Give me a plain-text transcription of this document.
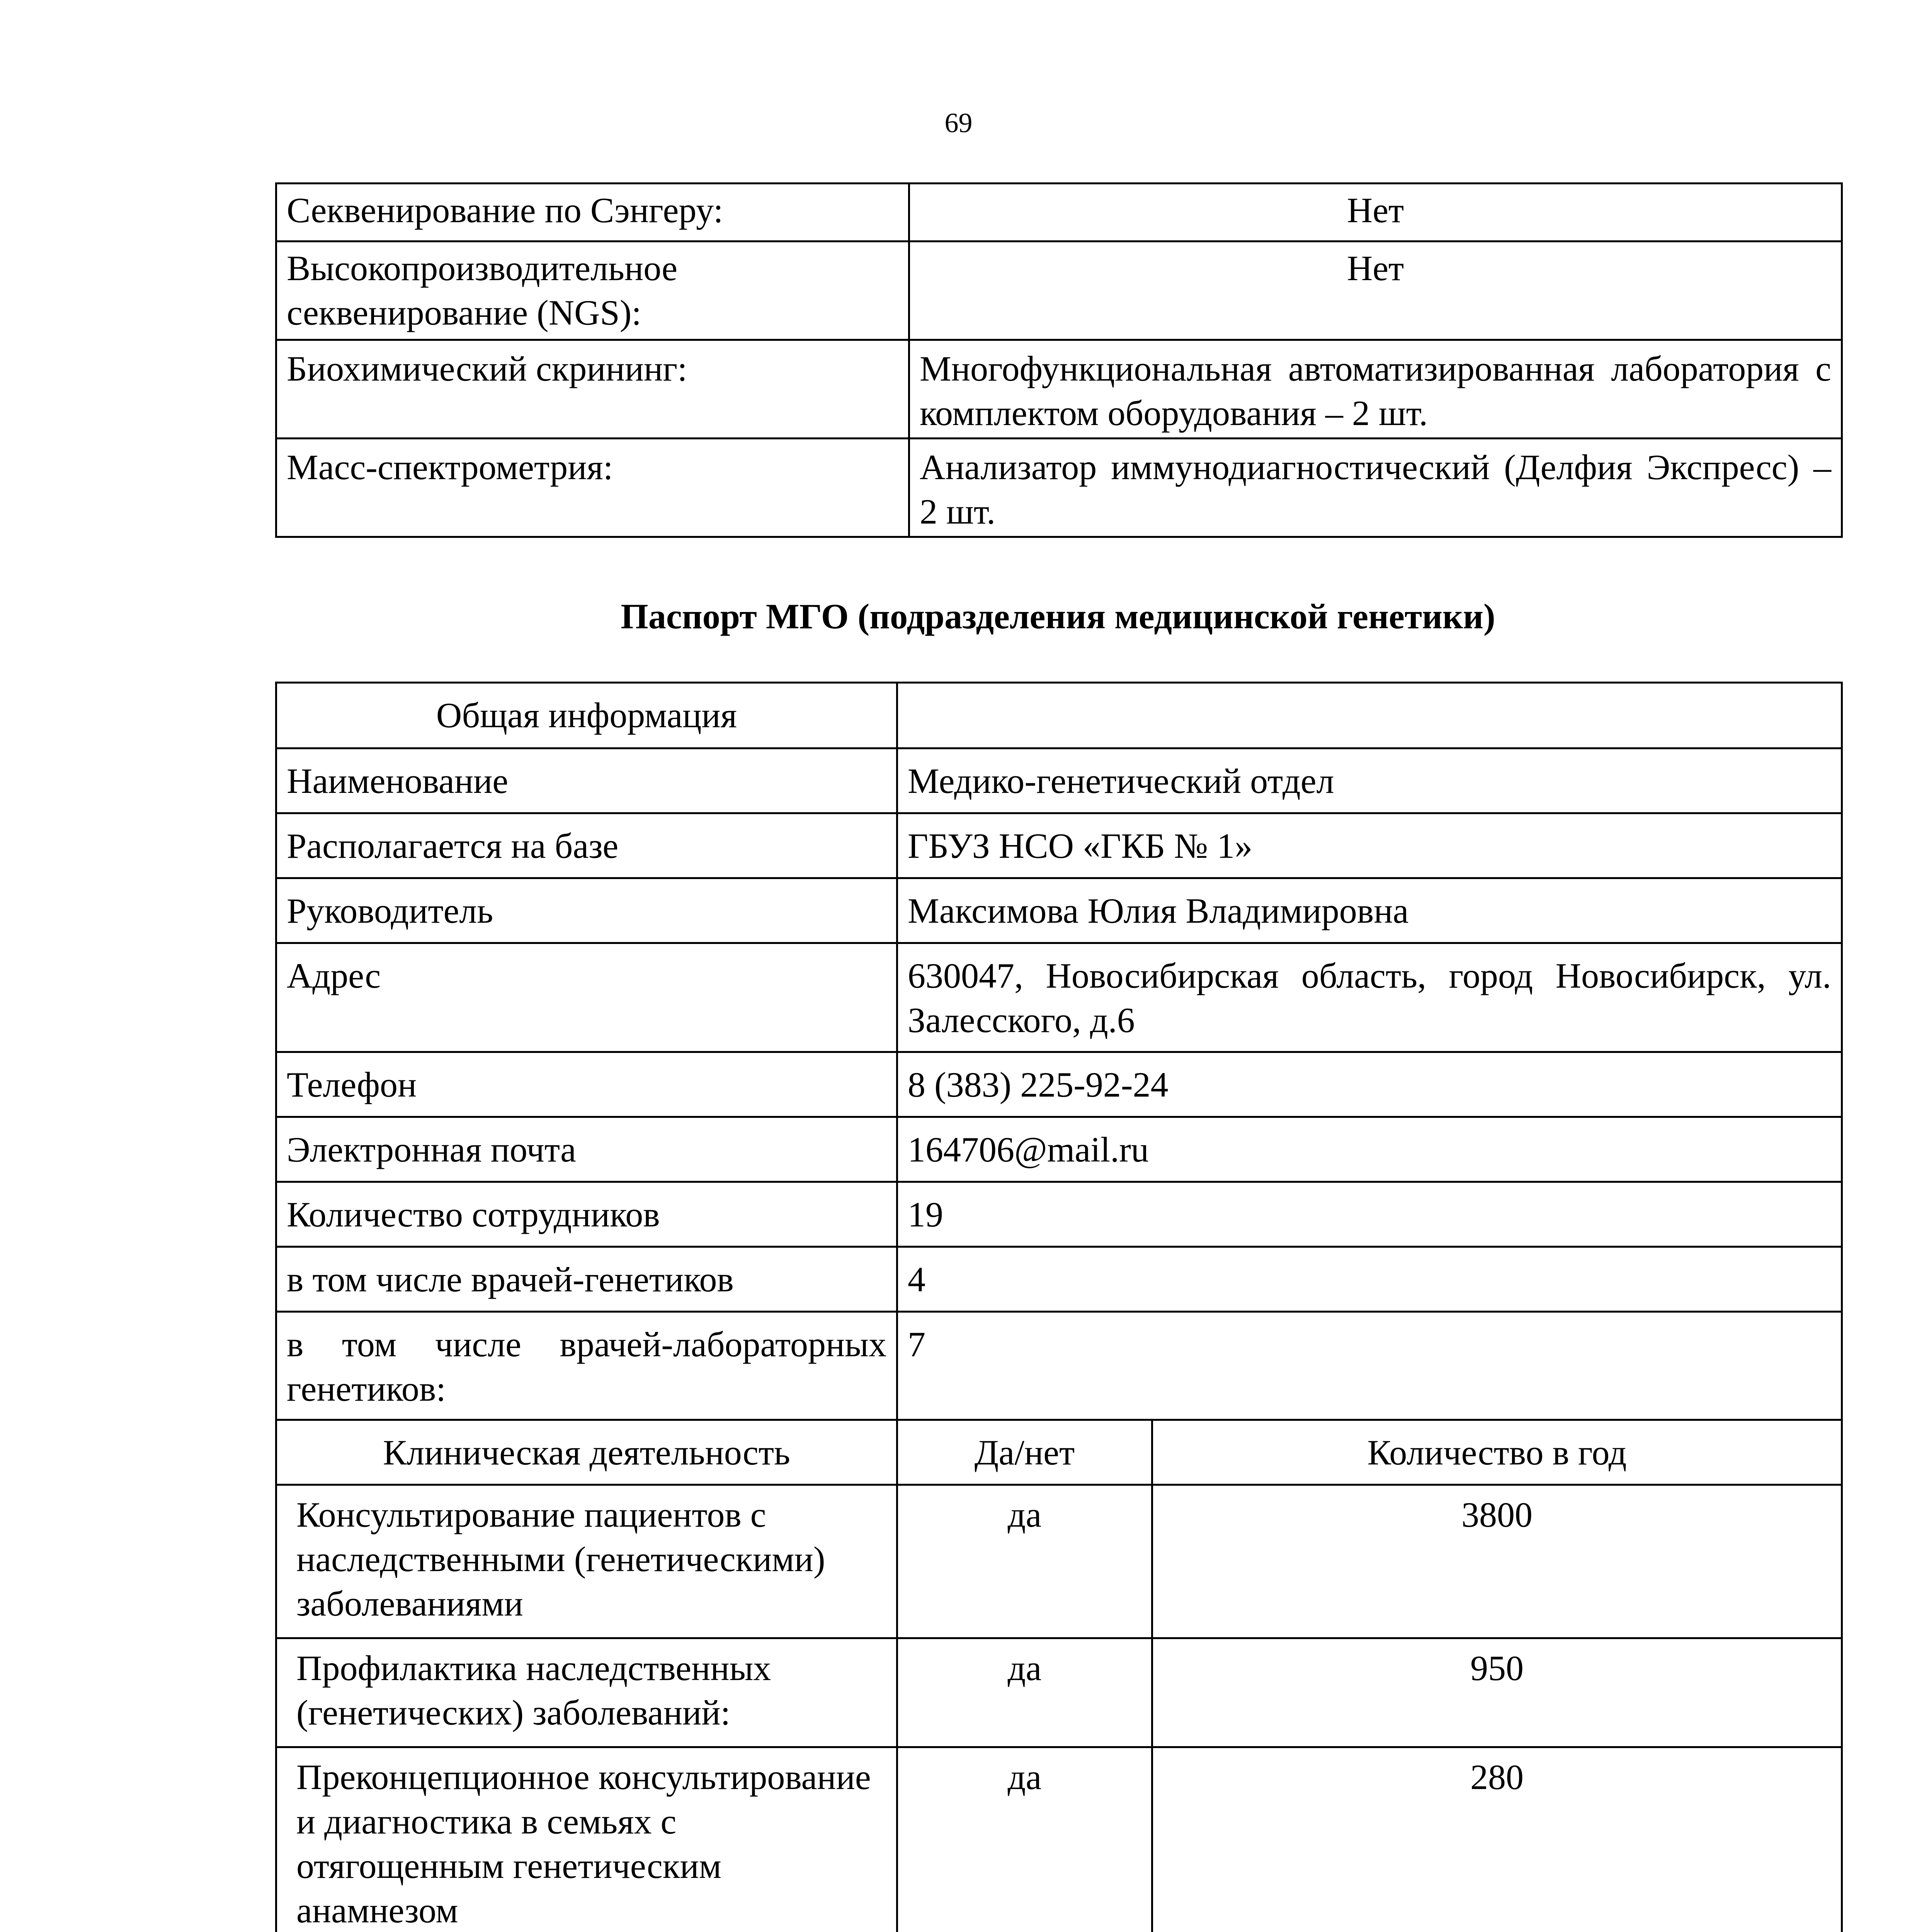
69
Секвенирование по Сэнгеру:	Нет
Высокопроизводительное секвенирование (NGS):	Нет
Биохимический скрининг:	Многофункциональная автоматизированная лаборатория с комплектом оборудования – 2 шт.
Масс-спектрометрия:	Анализатор иммунодиагностический (Делфия Экспресс) – 2 шт.
Паспорт МГО (подразделения медицинской генетики)
Общая информация		
Наименование	Медико-генетический отдел	
Располагается на базе	ГБУЗ НСО «ГКБ № 1»	
Руководитель	Максимова Юлия Владимировна	
Адрес	630047, Новосибирская область, город Новосибирск, ул. Залесского, д.6	
Телефон	8 (383) 225-92-24	
Электронная почта	164706@mail.ru	
Количество сотрудников	19	
в том числе врачей-генетиков	4	
в том числе врачей-лабораторных генетиков:	7	
Клиническая деятельность	Да/нет	Количество в год
Консультирование пациентов с наследственными (генетическими) заболеваниями	да	3800
Профилактика наследственных (генетических) заболеваний:	да	950
Преконцепционное консультирование и диагностика в семьях с отягощенным генетическим анамнезом	да	280
